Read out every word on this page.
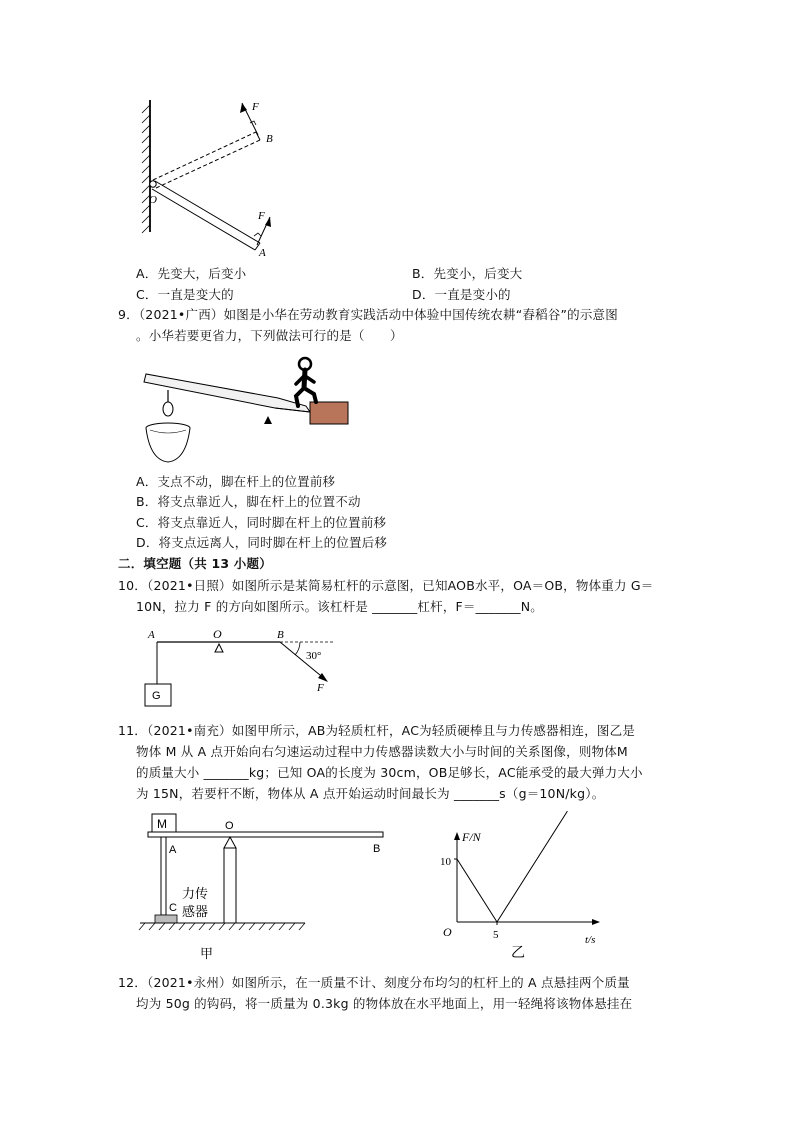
F
B
O
F
A
A．先变大，后变小	B．先变小，后变大
C．一直是变大的	D．一直是变小的
9．（2021•广西）如图是小华在劳动教育实践活动中体验中国传统农耕“舂稻谷”的示意图
。小华若要更省力，下列做法可行的是（　　）
A．支点不动，脚在杆上的位置前移
B．将支点靠近人，脚在杆上的位置不动
C．将支点靠近人，同时脚在杆上的位置前移
D．将支点远离人，同时脚在杆上的位置后移
二．填空题（共 13 小题）
10．（2021•日照）如图所示是某简易杠杆的示意图，已知AOB水平，OA＝OB，物体重力 G＝
10N，拉力 F 的方向如图所示。该杠杆是 _______杠杆，F＝_______N。
A	O	B
30°
F
G
11．（2021•南充）如图甲所示，AB为轻质杠杆，AC为轻质硬棒且与力传感器相连，图乙是
物体 M 从 A 点开始向右匀速运动过程中力传感器读数大小与时间的关系图像，则物体M
的质量大小 _______kg；已知 OA的长度为 30cm，OB足够长，AC能承受的最大弹力大小
为 15N，若要杆不断，物体从 A 点开始运动时间最长为 _______s（g＝10N/kg）。
M	O
A	B
C
力传
感器
甲
F/N
t/s
O
10
5
乙
12．（2021•永州）如图所示，在一质量不计、刻度分布均匀的杠杆上的 A 点悬挂两个质量
均为 50g 的钩码，将一质量为 0.3kg 的物体放在水平地面上，用一轻绳将该物体悬挂在
